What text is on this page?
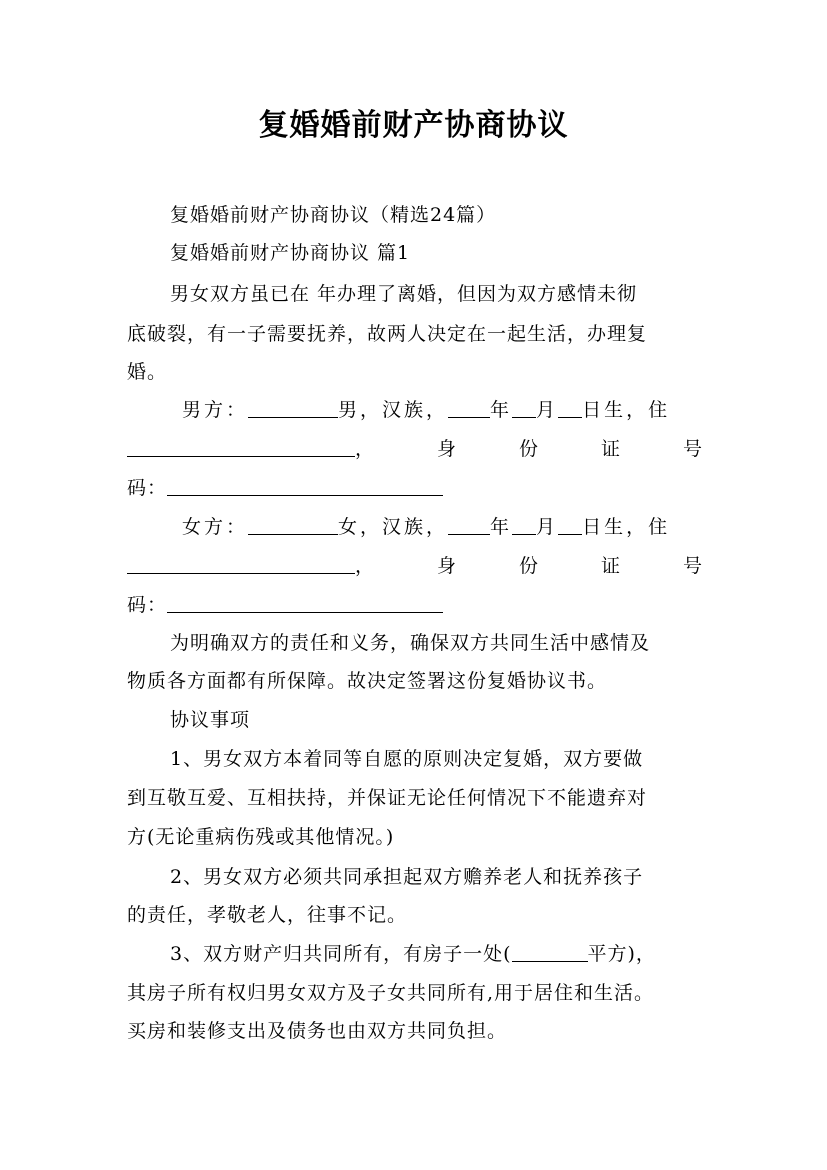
复婚婚前财产协商协议
复婚婚前财产协商协议（精选24篇）
复婚婚前财产协商协议 篇1
男女双方虽已在 年办理了离婚，但因为双方感情未彻
底破裂，有一子需要抚养，故两人决定在一起生活，办理复
婚。
男方：	男，汉族， 年 月 日生，住
，	身	份	证	号
码：
女方：	女，汉族， 年 月 日生，住
，	身	份	证	号
码：
为明确双方的责任和义务，确保双方共同生活中感情及
物质各方面都有所保障。故决定签署这份复婚协议书。
协议事项
1、男女双方本着同等自愿的原则决定复婚，双方要做
到互敬互爱、互相扶持，并保证无论任何情况下不能遗弃对
方(无论重病伤残或其他情况。)
2、男女双方必须共同承担起双方赡养老人和抚养孩子
的责任，孝敬老人，往事不记。
3、双方财产归共同所有，有房子一处(	平方)，
其房子所有权归男女双方及子女共同所有,用于居住和生活。
买房和装修支出及债务也由双方共同负担。
